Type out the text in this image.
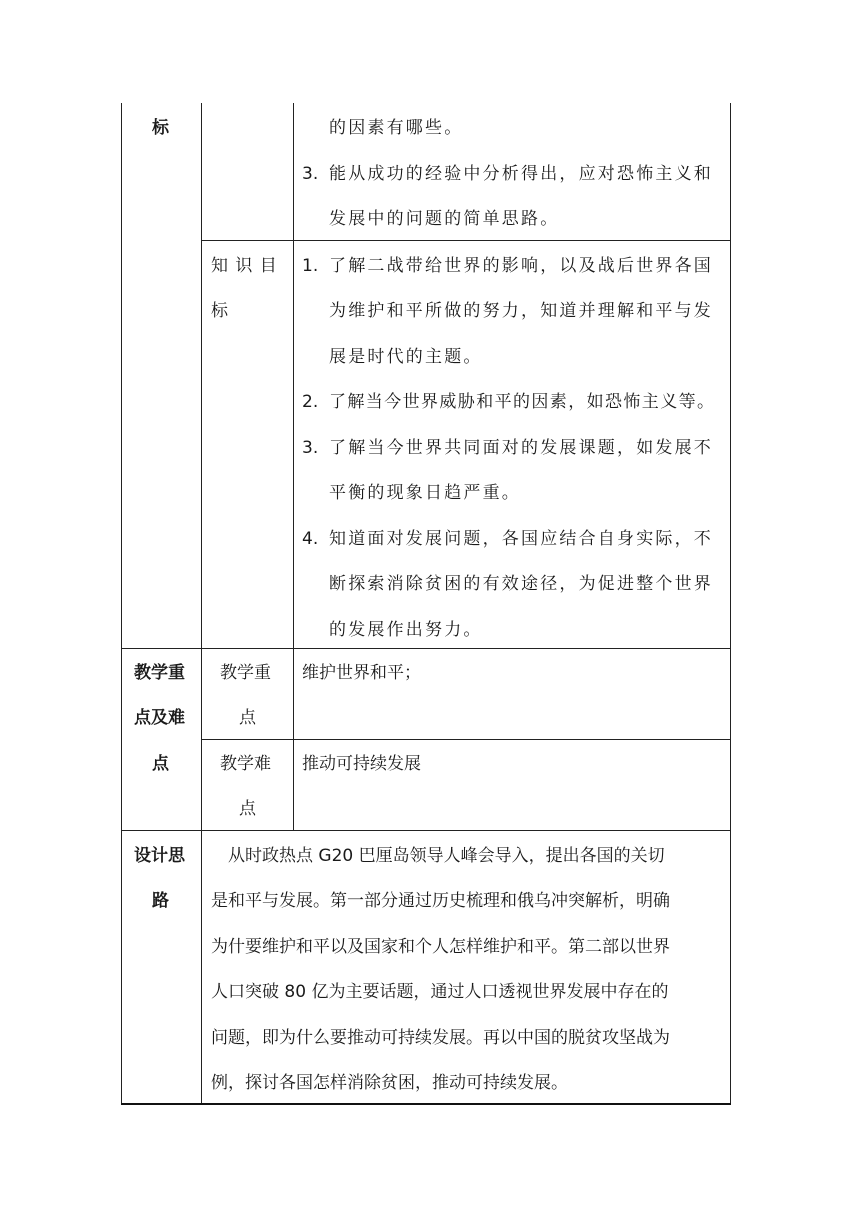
标
教学重
点及难
点
设计思
路
知 识 目
标
的因素有哪些。
3. 能从成功的经验中分析得出，应对恐怖主义和
发展中的问题的简单思路。
1. 了解二战带给世界的影响，以及战后世界各国
为维护和平所做的努力，知道并理解和平与发
展是时代的主题。
2. 了解当今世界威胁和平的因素，如恐怖主义等。
3. 了解当今世界共同面对的发展课题，如发展不
平衡的现象日趋严重。
4. 知道面对发展问题，各国应结合自身实际，不
断探索消除贫困的有效途径，为促进整个世界
的发展作出努力。
教学重
点
维护世界和平；
教学难
点
推动可持续发展
　从时政热点 G20 巴厘岛领导人峰会导入，提出各国的关切
是和平与发展。第一部分通过历史梳理和俄乌冲突解析，明确
为什要维护和平以及国家和个人怎样维护和平。第二部以世界
人口突破 80 亿为主要话题，通过人口透视世界发展中存在的
问题，即为什么要推动可持续发展。再以中国的脱贫攻坚战为
例，探讨各国怎样消除贫困，推动可持续发展。
